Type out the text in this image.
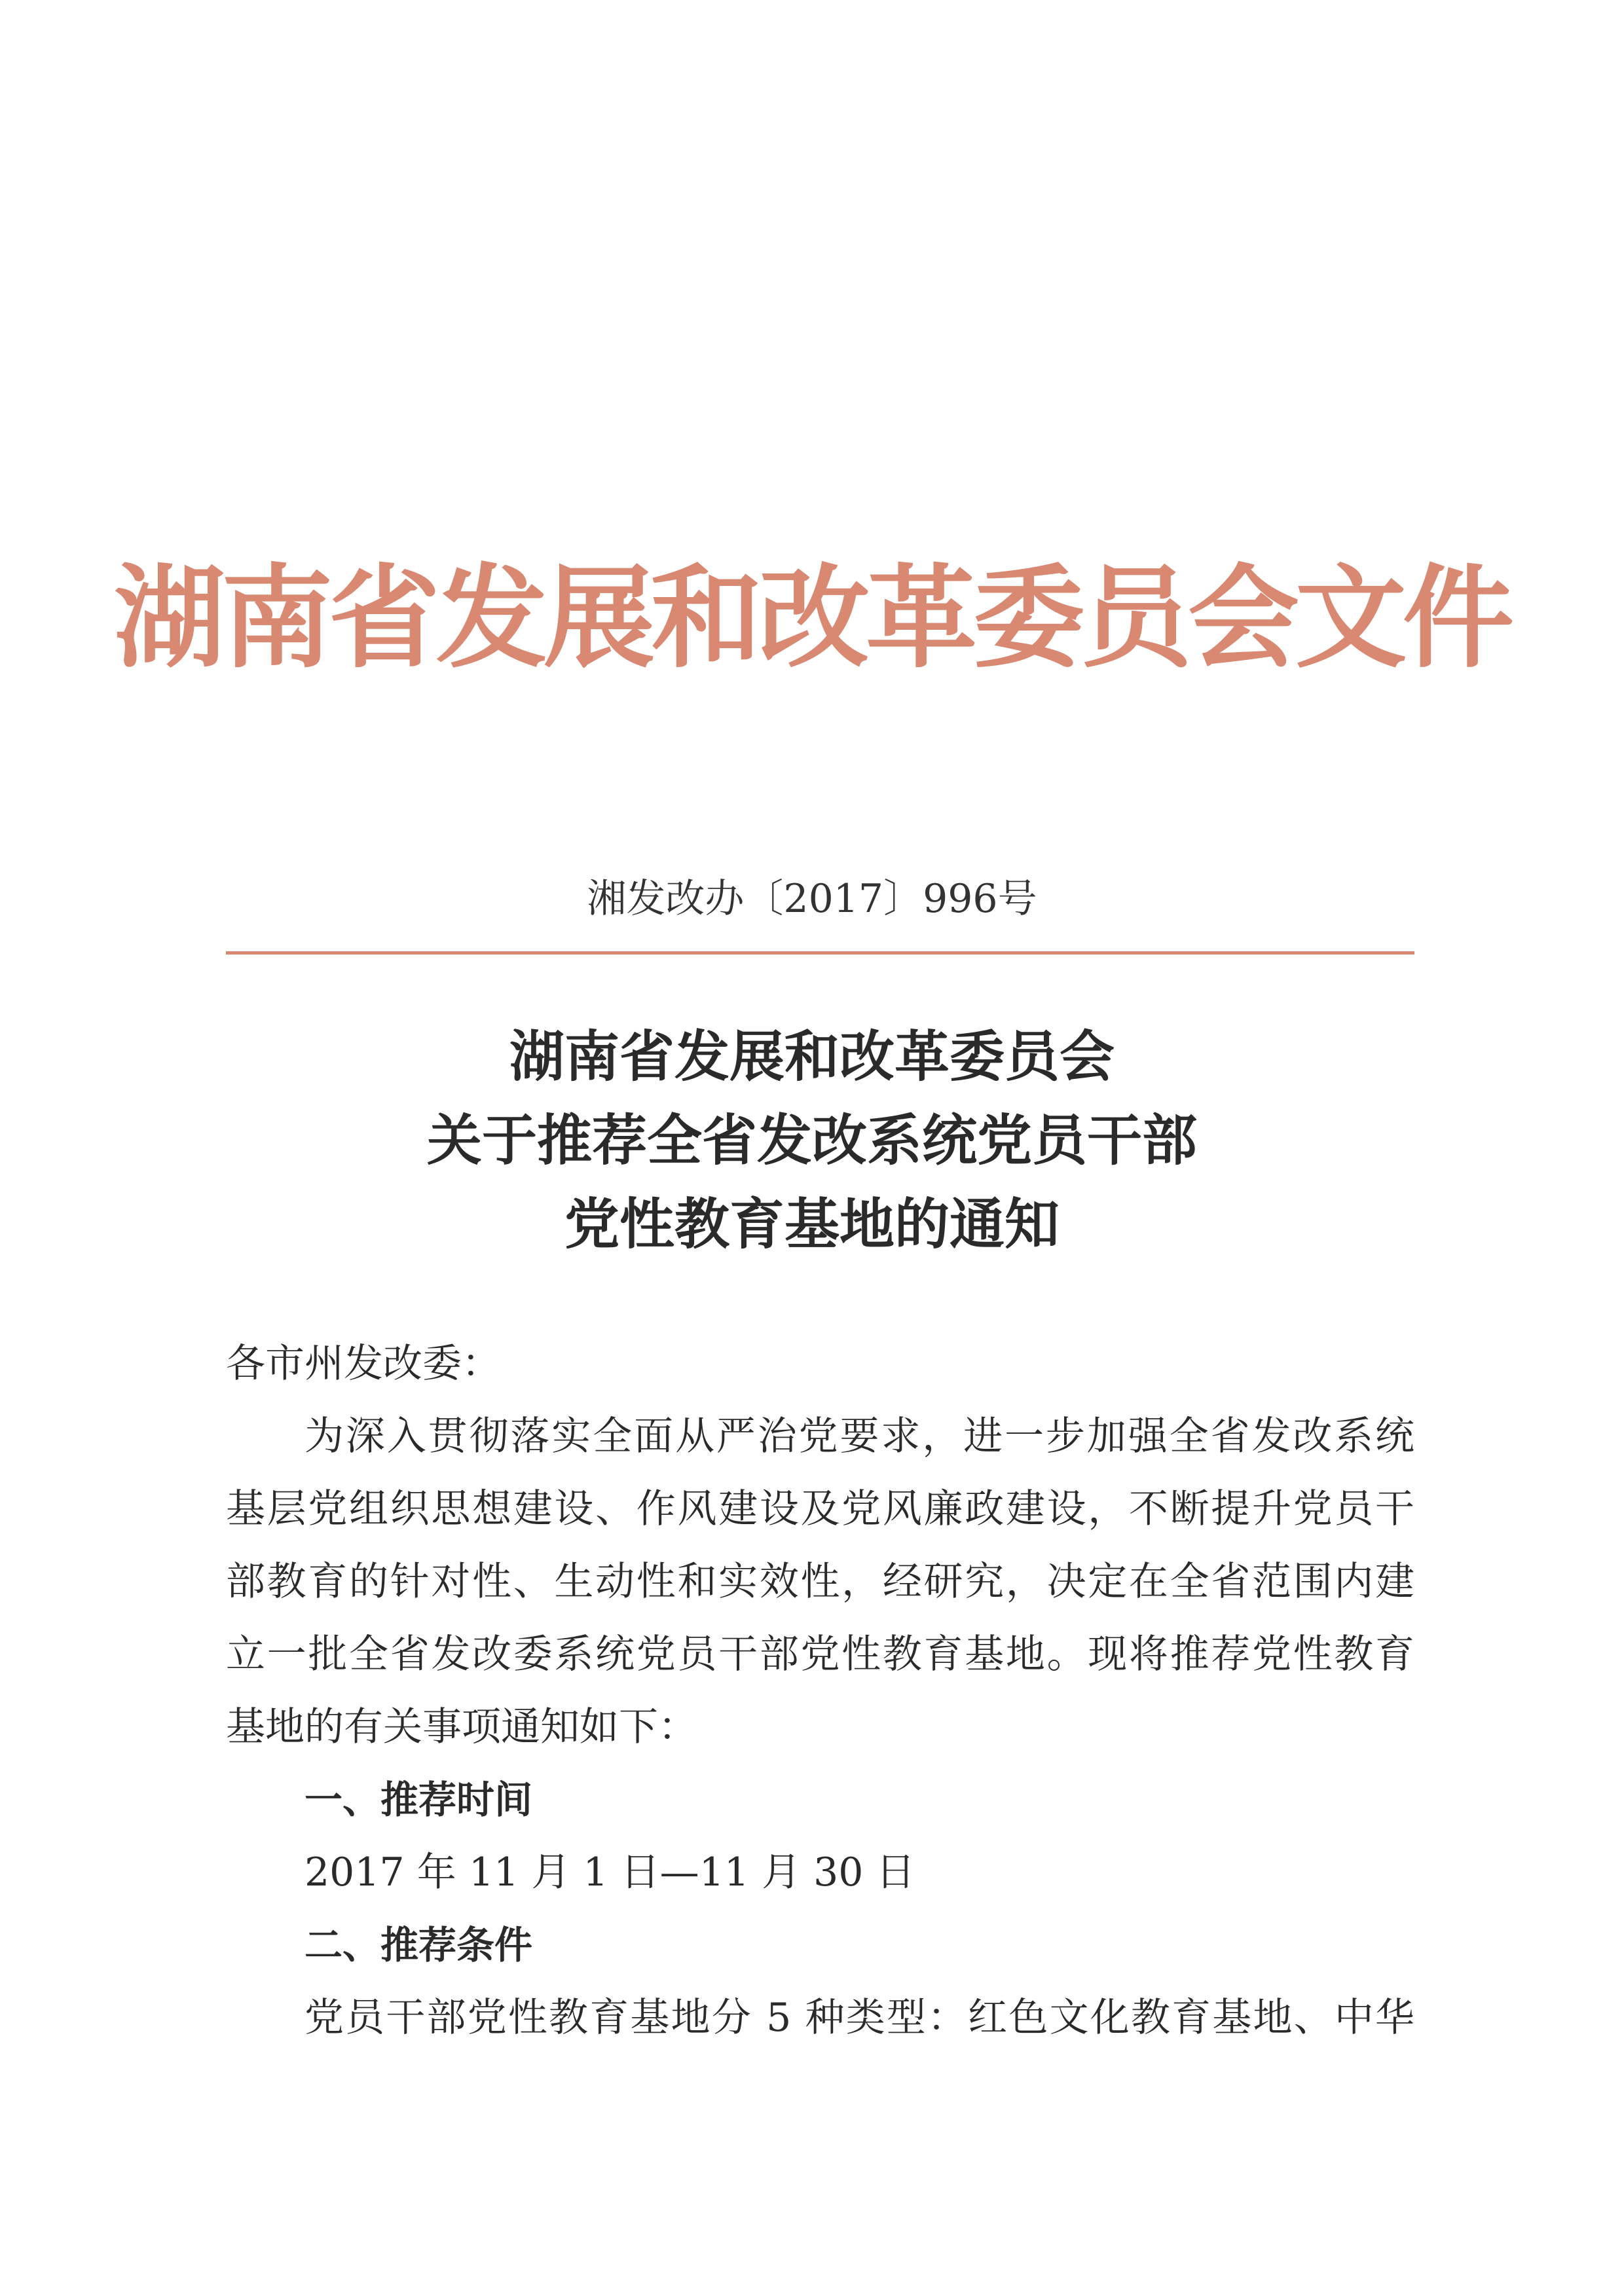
湖南省发展和改革委员会文件
湘发改办〔2017〕996号
湖南省发展和改革委员会
关于推荐全省发改系统党员干部
党性教育基地的通知
各市州发改委：
为深入贯彻落实全面从严治党要求，进一步加强全省发改系统
基层党组织思想建设、作风建设及党风廉政建设，不断提升党员干
部教育的针对性、生动性和实效性，经研究，决定在全省范围内建
立一批全省发改委系统党员干部党性教育基地。现将推荐党性教育
基地的有关事项通知如下：
一、推荐时间
2017 年 11 月 1 日—11 月 30 日
二、推荐条件
党员干部党性教育基地分 5 种类型：红色文化教育基地、中华
